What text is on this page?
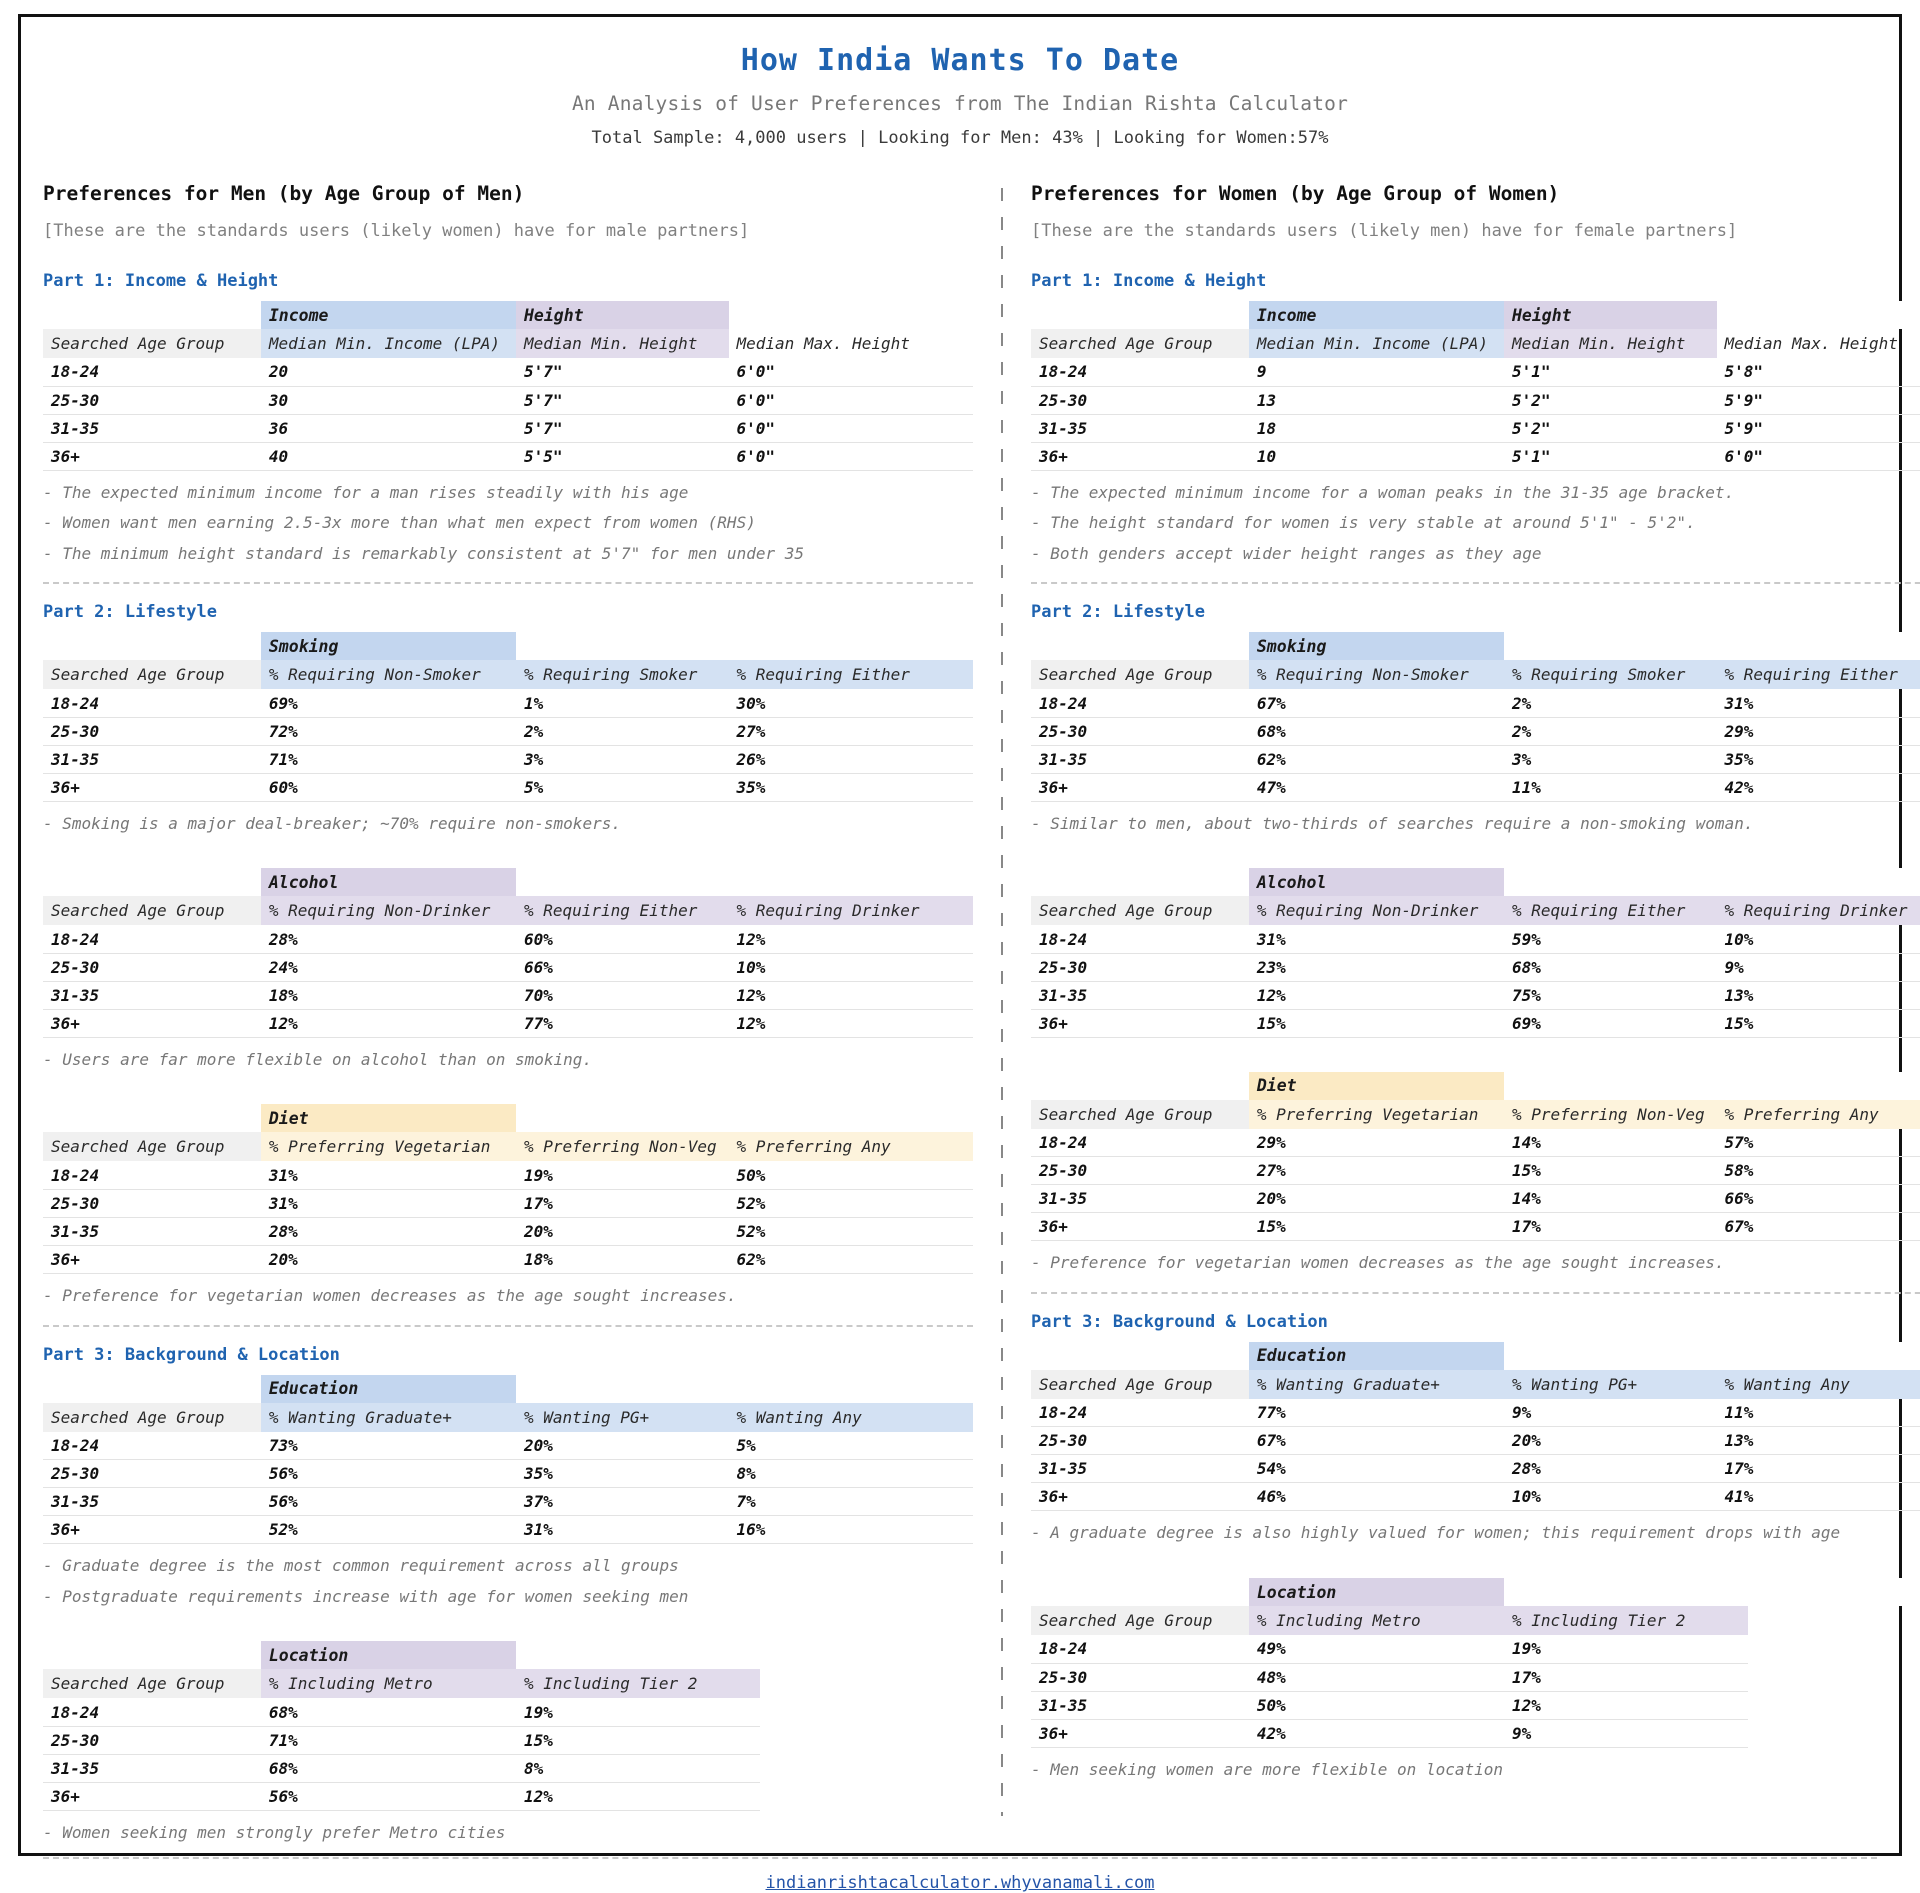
How India Wants To Date
An Analysis of User Preferences from The Indian Rishta Calculator
Total Sample: 4,000 users | Looking for Men: 43% | Looking for Women:57%
Preferences for Men (by Age Group of Men)
[These are the standards users (likely women) have for male partners]
Part 1: Income & Height
	Income	Height	
Searched Age Group	Median Min. Income (LPA)	Median Min. Height	Median Max. Height
18-24	20	5'7"	6'0"
25-30	30	5'7"	6'0"
31-35	36	5'7"	6'0"
36+	40	5'5"	6'0"
- The expected minimum income for a man rises steadily with his age
- Women want men earning 2.5-3x more than what men expect from women (RHS)
- The minimum height standard is remarkably consistent at 5'7" for men under 35
Part 2: Lifestyle
	Smoking		
Searched Age Group	% Requiring Non-Smoker	% Requiring Smoker	% Requiring Either
18-24	69%	1%	30%
25-30	72%	2%	27%
31-35	71%	3%	26%
36+	60%	5%	35%
- Smoking is a major deal-breaker; ~70% require non-smokers.
	Alcohol		
Searched Age Group	% Requiring Non-Drinker	% Requiring Either	% Requiring Drinker
18-24	28%	60%	12%
25-30	24%	66%	10%
31-35	18%	70%	12%
36+	12%	77%	12%
- Users are far more flexible on alcohol than on smoking.
	Diet		
Searched Age Group	% Preferring Vegetarian	% Preferring Non-Veg	% Preferring Any
18-24	31%	19%	50%
25-30	31%	17%	52%
31-35	28%	20%	52%
36+	20%	18%	62%
- Preference for vegetarian women decreases as the age sought increases.
Part 3: Background & Location
	Education		
Searched Age Group	% Wanting Graduate+	% Wanting PG+	% Wanting Any
18-24	73%	20%	5%
25-30	56%	35%	8%
31-35	56%	37%	7%
36+	52%	31%	16%
- Graduate degree is the most common requirement across all groups
- Postgraduate requirements increase with age for women seeking men
	Location		
Searched Age Group	% Including Metro	% Including Tier 2	
18-24	68%	19%	
25-30	71%	15%	
31-35	68%	8%	
36+	56%	12%	
- Women seeking men strongly prefer Metro cities
Preferences for Women (by Age Group of Women)
[These are the standards users (likely men) have for female partners]
Part 1: Income & Height
	Income	Height	
Searched Age Group	Median Min. Income (LPA)	Median Min. Height	Median Max. Height
18-24	9	5'1"	5'8"
25-30	13	5'2"	5'9"
31-35	18	5'2"	5'9"
36+	10	5'1"	6'0"
- The expected minimum income for a woman peaks in the 31-35 age bracket.
- The height standard for women is very stable at around 5'1" - 5'2".
- Both genders accept wider height ranges as they age
Part 2: Lifestyle
	Smoking		
Searched Age Group	% Requiring Non-Smoker	% Requiring Smoker	% Requiring Either
18-24	67%	2%	31%
25-30	68%	2%	29%
31-35	62%	3%	35%
36+	47%	11%	42%
- Similar to men, about two-thirds of searches require a non-smoking woman.
	Alcohol		
Searched Age Group	% Requiring Non-Drinker	% Requiring Either	% Requiring Drinker
18-24	31%	59%	10%
25-30	23%	68%	9%
31-35	12%	75%	13%
36+	15%	69%	15%
	Diet		
Searched Age Group	% Preferring Vegetarian	% Preferring Non-Veg	% Preferring Any
18-24	29%	14%	57%
25-30	27%	15%	58%
31-35	20%	14%	66%
36+	15%	17%	67%
- Preference for vegetarian women decreases as the age sought increases.
Part 3: Background & Location
	Education		
Searched Age Group	% Wanting Graduate+	% Wanting PG+	% Wanting Any
18-24	77%	9%	11%
25-30	67%	20%	13%
31-35	54%	28%	17%
36+	46%	10%	41%
- A graduate degree is also highly valued for women; this requirement drops with age
	Location		
Searched Age Group	% Including Metro	% Including Tier 2	
18-24	49%	19%	
25-30	48%	17%	
31-35	50%	12%	
36+	42%	9%	
- Men seeking women are more flexible on location
indianrishtacalculator.whyvanamali.com
